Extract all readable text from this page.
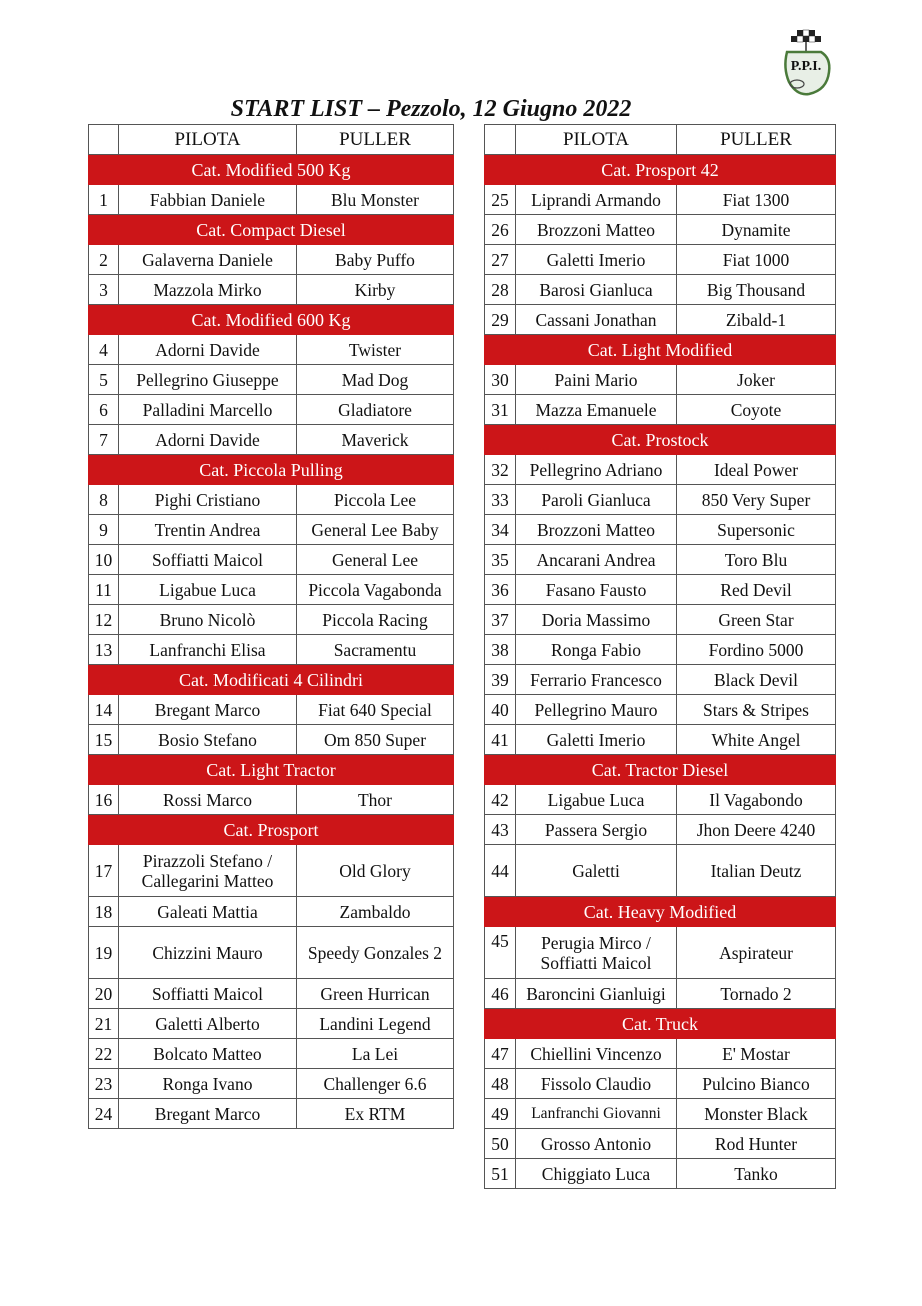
P.P.I.
START LIST – Pezzolo, 12 Giugno 2022
	PILOTA	PULLER
Cat. Modified 500 Kg		
1	Fabbian Daniele	Blu Monster
Cat. Compact Diesel		
2	Galaverna Daniele	Baby Puffo
3	Mazzola Mirko	Kirby
Cat. Modified 600 Kg		
4	Adorni Davide	Twister
5	Pellegrino Giuseppe	Mad Dog
6	Palladini Marcello	Gladiatore
7	Adorni Davide	Maverick
Cat. Piccola Pulling		
8	Pighi Cristiano	Piccola Lee
9	Trentin Andrea	General Lee Baby
10	Soffiatti Maicol	General Lee
11	Ligabue Luca	Piccola Vagabonda
12	Bruno Nicolò	Piccola Racing
13	Lanfranchi Elisa	Sacramentu
Cat. Modificati 4 Cilindri		
14	Bregant Marco	Fiat 640 Special
15	Bosio Stefano	Om 850 Super
Cat. Light Tractor		
16	Rossi Marco	Thor
Cat. Prosport		
17	Pirazzoli Stefano / Callegarini Matteo	Old Glory
18	Galeati Mattia	Zambaldo
19	Chizzini Mauro	Speedy Gonzales 2
20	Soffiatti Maicol	Green Hurrican
21	Galetti Alberto	Landini Legend
22	Bolcato Matteo	La Lei
23	Ronga Ivano	Challenger 6.6
24	Bregant Marco	Ex RTM
	PILOTA	PULLER
Cat. Prosport 42		
25	Liprandi Armando	Fiat 1300
26	Brozzoni Matteo	Dynamite
27	Galetti Imerio	Fiat 1000
28	Barosi Gianluca	Big Thousand
29	Cassani Jonathan	Zibald-1
Cat. Light Modified		
30	Paini Mario	Joker
31	Mazza Emanuele	Coyote
Cat. Prostock		
32	Pellegrino Adriano	Ideal Power
33	Paroli Gianluca	850 Very Super
34	Brozzoni Matteo	Supersonic
35	Ancarani Andrea	Toro Blu
36	Fasano Fausto	Red Devil
37	Doria Massimo	Green Star
38	Ronga Fabio	Fordino 5000
39	Ferrario Francesco	Black Devil
40	Pellegrino Mauro	Stars & Stripes
41	Galetti Imerio	White Angel
Cat. Tractor Diesel		
42	Ligabue Luca	Il Vagabondo
43	Passera Sergio	Jhon Deere 4240
44	Galetti	Italian Deutz
Cat. Heavy Modified		
45	Perugia Mirco / Soffiatti Maicol	Aspirateur
46	Baroncini Gianluigi	Tornado 2
Cat. Truck		
47	Chiellini Vincenzo	E' Mostar
48	Fissolo Claudio	Pulcino Bianco
49	Lanfranchi Giovanni	Monster Black
50	Grosso Antonio	Rod Hunter
51	Chiggiato Luca	Tanko
